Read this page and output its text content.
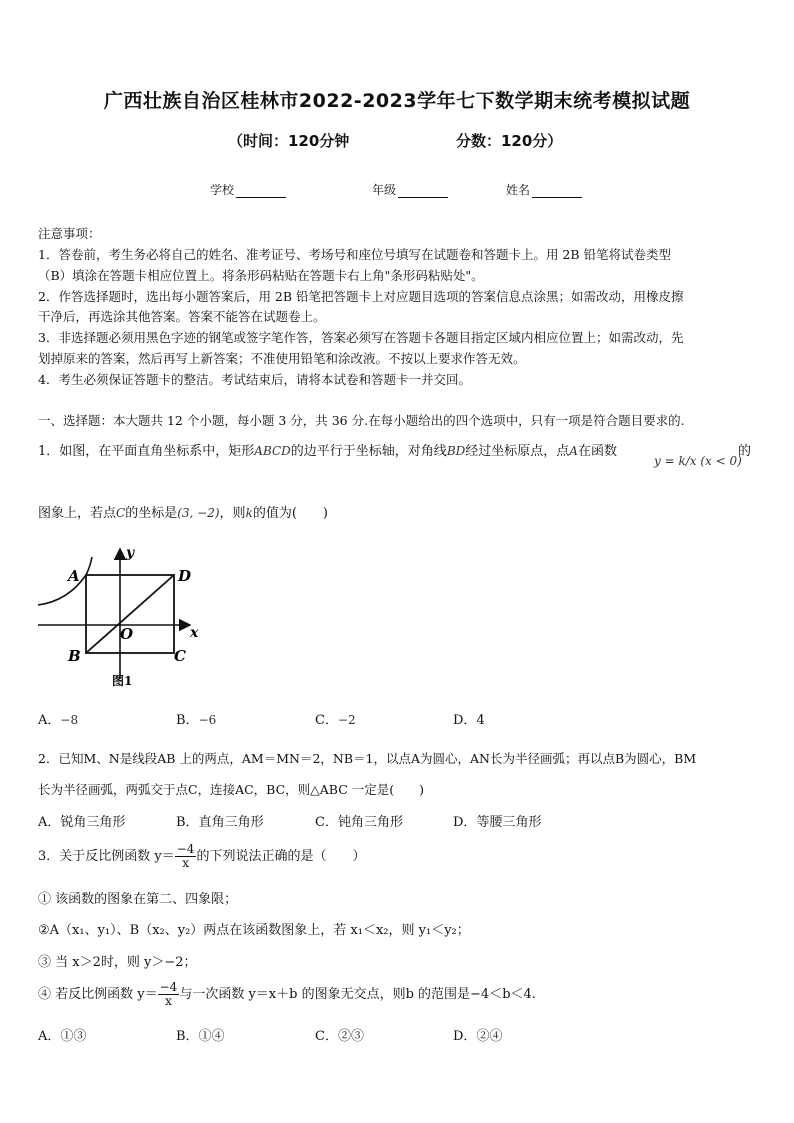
广西壮族自治区桂林市2022-2023学年七下数学期末统考模拟试题
（时间：120分钟	分数：120分）
学校	年级	姓名
注意事项：
1．答卷前，考生务必将自己的姓名、准考证号、考场号和座位号填写在试题卷和答题卡上。用 2B 铅笔将试卷类型
（B）填涂在答题卡相应位置上。将条形码粘贴在答题卡右上角"条形码粘贴处"。
2．作答选择题时，选出每小题答案后，用 2B 铅笔把答题卡上对应题目选项的答案信息点涂黑；如需改动，用橡皮擦
干净后，再选涂其他答案。答案不能答在试题卷上。
3．非选择题必须用黑色字迹的钢笔或签字笔作答，答案必须写在答题卡各题目指定区域内相应位置上；如需改动，先
划掉原来的答案，然后再写上新答案；不准使用铅笔和涂改液。不按以上要求作答无效。
4．考生必须保证答题卡的整洁。考试结束后，请将本试卷和答题卡一并交回。
一、选择题：本大题共 12 个小题，每小题 3 分，共 36 分.在每小题给出的四个选项中，只有一项是符合题目要求的.
1．如图，在平面直角坐标系中，矩形ABCD的边平行于坐标轴，对角线BD经过坐标原点，点A在函数
y = k/x (x < 0)
的
图象上，若点C的坐标是(3, −2)，则k的值为(　　)
x
y
A	D
B	C
O
图1
A．−8	B．−6	C．−2	D．4
2．已知M、N是线段AB 上的两点，AM＝MN＝2，NB＝1，以点A为圆心，AN长为半径画弧；再以点B为圆心，BM
长为半径画弧，两弧交于点C，连接AC，BC，则△ABC 一定是(　　)
A．锐角三角形	B．直角三角形	C．钝角三角形	D．等腰三角形
3．关于反比例函数 $y= \frac{-4}{x}$ 的下列说法正确的是（　　）
① 该函数的图象在第二、四象限；
②A（x₁、y₁）、B（x₂、y₂）两点在该函数图象上，若 x₁＜x₂，则 y₁＜y₂；
③ 当 x＞2时，则 y＞−2；
④ 若反比例函数 $y= \frac{-4}{x}$ 与一次函数 y＝x＋b 的图象无交点，则b 的范围是−4＜b＜4.
A．①③	B．①④	C．②③	D．②④
